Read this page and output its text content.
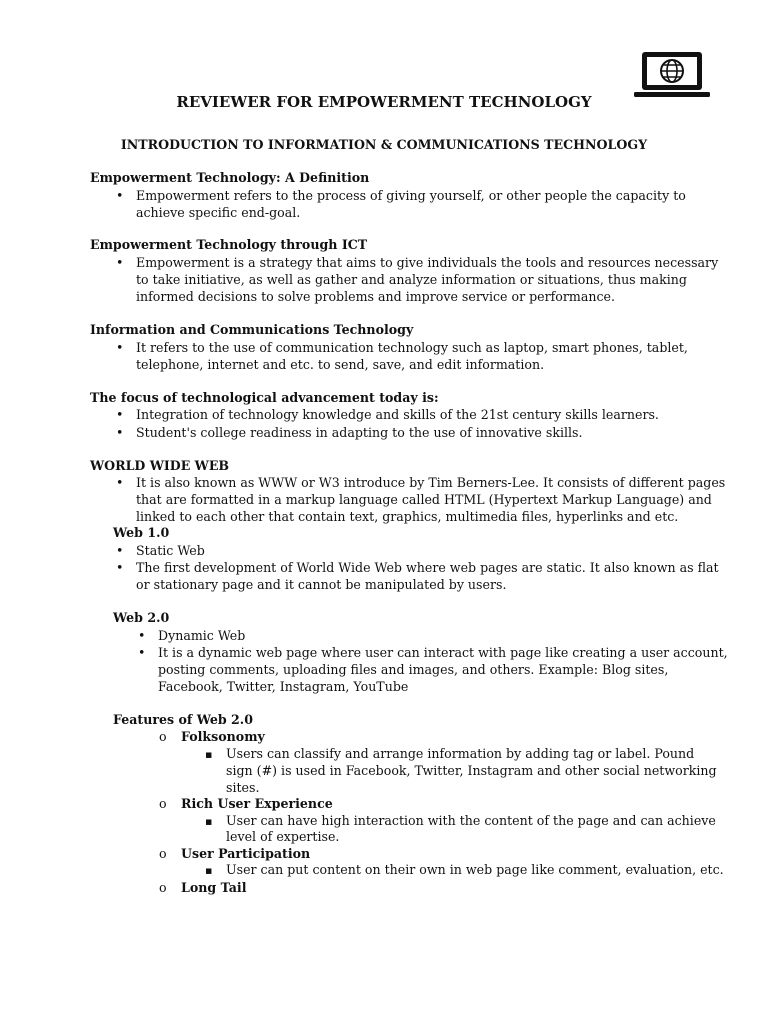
REVIEWER FOR EMPOWERMENT TECHNOLOGY
INTRODUCTION TO INFORMATION & COMMUNICATIONS TECHNOLOGY
Empowerment Technology: A Definition
•
Empowerment refers to the process of giving yourself, or other people the capacity to
achieve specific end-goal.
Empowerment Technology through ICT
•
Empowerment is a strategy that aims to give individuals the tools and resources necessary
to take initiative, as well as gather and analyze information or situations, thus making
informed decisions to solve problems and improve service or performance.
Information and Communications Technology
•
It refers to the use of communication technology such as laptop, smart phones, tablet,
telephone, internet and etc. to send, save, and edit information.
The focus of technological advancement today is:
•
Integration of technology knowledge and skills of the 21st century skills learners.
•
Student's college readiness in adapting to the use of innovative skills.
WORLD WIDE WEB
•
It is also known as WWW or W3 introduce by Tim Berners-Lee. It consists of different pages
that are formatted in a markup language called HTML (Hypertext Markup Language) and
linked to each other that contain text, graphics, multimedia files, hyperlinks and etc.
Web 1.0
•
Static Web
•
The first development of World Wide Web where web pages are static. It also known as flat
or stationary page and it cannot be manipulated by users.
Web 2.0
•
Dynamic Web
•
It is a dynamic web page where user can interact with page like creating a user account,
posting comments, uploading files and images, and others. Example: Blog sites,
Facebook, Twitter, Instagram, YouTube
Features of Web 2.0
o
Folksonomy
▪
Users can classify and arrange information by adding tag or label. Pound
sign (#) is used in Facebook, Twitter, Instagram and other social networking
sites.
o
Rich User Experience
▪
User can have high interaction with the content of the page and can achieve
level of expertise.
o
User Participation
▪
User can put content on their own in web page like comment, evaluation, etc.
o
Long Tail
